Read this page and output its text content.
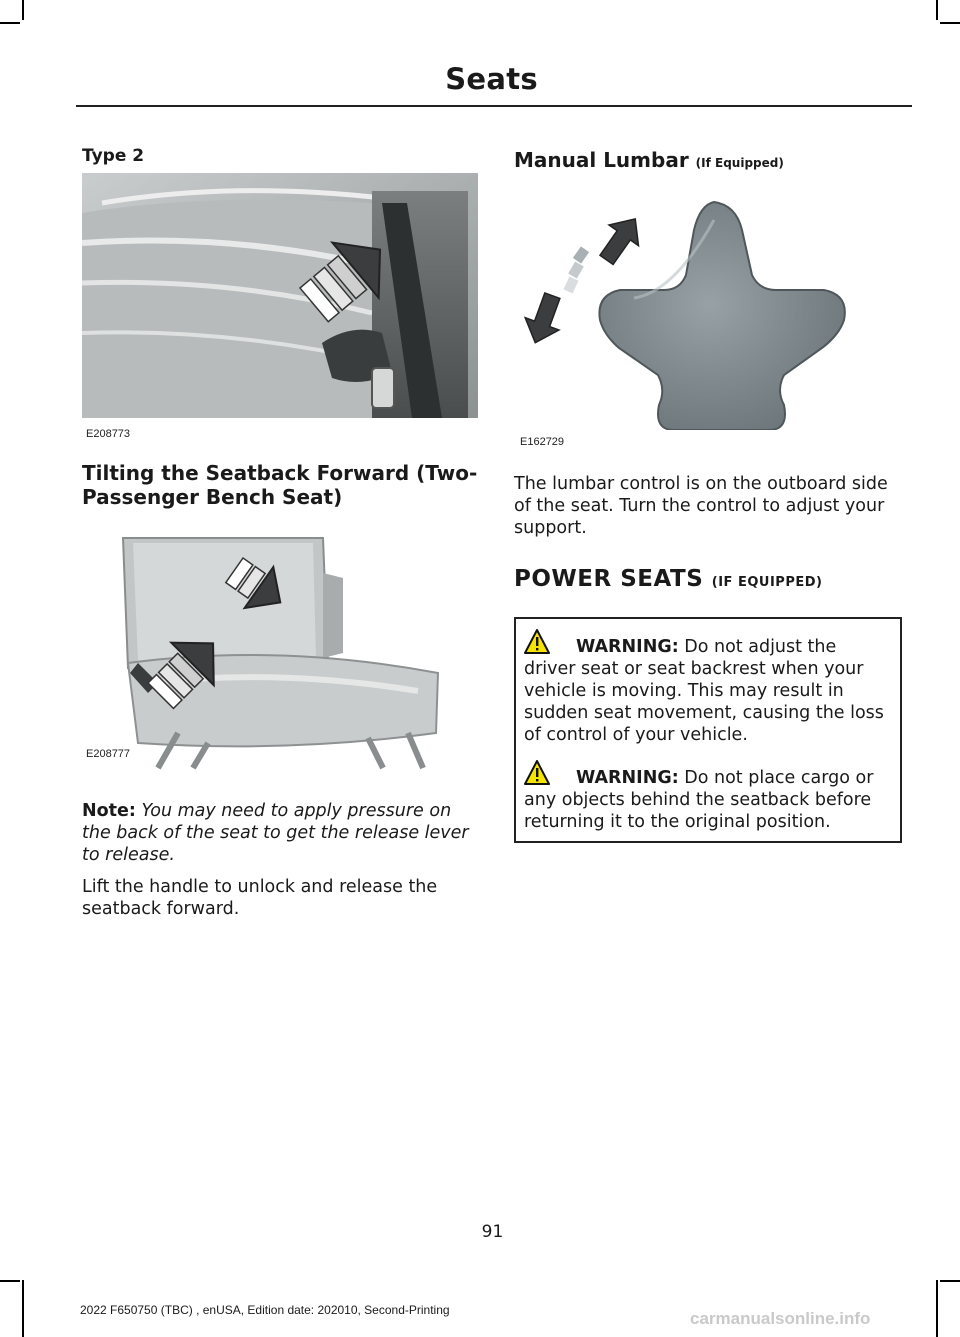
Seats
Type 2
E208773
Tilting the Seatback Forward (Two-Passenger Bench Seat)
E208777

Note: You may need to apply pressure on the back of the seat to get the release lever to release.

Lift the handle to unlock and release the seatback forward.

Manual Lumbar (If Equipped)
E162729

The lumbar control is on the outboard side of the seat. Turn the control to adjust your support.

POWER SEATS (IF EQUIPPED)

WARNING: Do not adjust the driver seat or seat backrest when your vehicle is moving. This may result in sudden seat movement, causing the loss of control of your vehicle.

WARNING: Do not place cargo or any objects behind the seatback before returning it to the original position.

91
2022 F650750 (TBC) , enUSA, Edition date: 202010, Second-Printing	carmanualsonline.info
